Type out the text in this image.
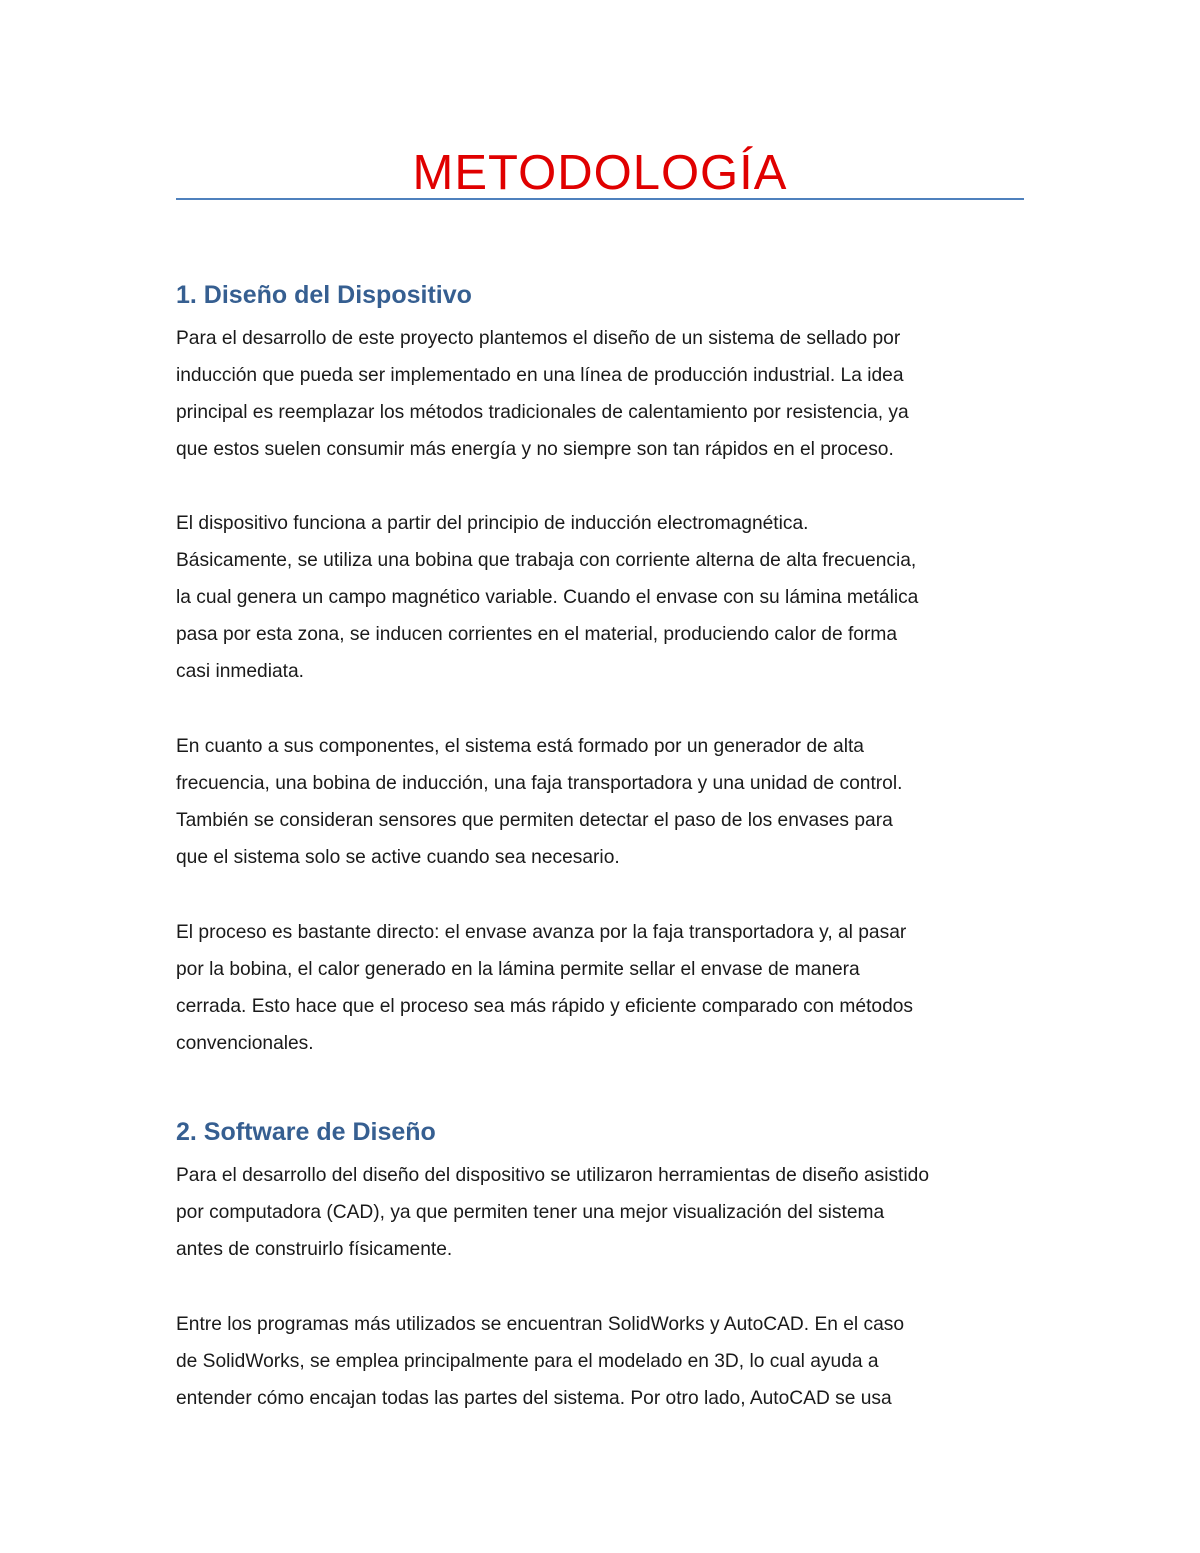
METODOLOGÍA
1. Diseño del Dispositivo

Para el desarrollo de este proyecto plantemos el diseño de un sistema de sellado por
inducción que pueda ser implementado en una línea de producción industrial. La idea
principal es reemplazar los métodos tradicionales de calentamiento por resistencia, ya
que estos suelen consumir más energía y no siempre son tan rápidos en el proceso.

El dispositivo funciona a partir del principio de inducción electromagnética.
Básicamente, se utiliza una bobina que trabaja con corriente alterna de alta frecuencia,
la cual genera un campo magnético variable. Cuando el envase con su lámina metálica
pasa por esta zona, se inducen corrientes en el material, produciendo calor de forma
casi inmediata.

En cuanto a sus componentes, el sistema está formado por un generador de alta
frecuencia, una bobina de inducción, una faja transportadora y una unidad de control.
También se consideran sensores que permiten detectar el paso de los envases para
que el sistema solo se active cuando sea necesario.

El proceso es bastante directo: el envase avanza por la faja transportadora y, al pasar
por la bobina, el calor generado en la lámina permite sellar el envase de manera
cerrada. Esto hace que el proceso sea más rápido y eficiente comparado con métodos
convencionales.

2. Software de Diseño

Para el desarrollo del diseño del dispositivo se utilizaron herramientas de diseño asistido
por computadora (CAD), ya que permiten tener una mejor visualización del sistema
antes de construirlo físicamente.

Entre los programas más utilizados se encuentran SolidWorks y AutoCAD. En el caso
de SolidWorks, se emplea principalmente para el modelado en 3D, lo cual ayuda a
entender cómo encajan todas las partes del sistema. Por otro lado, AutoCAD se usa
